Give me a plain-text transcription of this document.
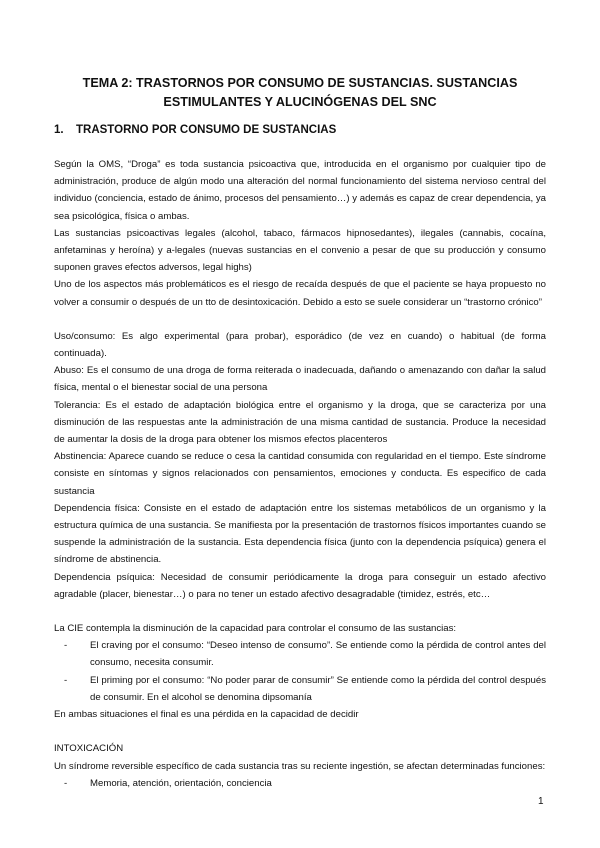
TEMA 2: TRASTORNOS POR CONSUMO DE SUSTANCIAS. SUSTANCIAS
ESTIMULANTES Y ALUCINÓGENAS DEL SNC
1. TRASTORNO POR CONSUMO DE SUSTANCIAS

Según la OMS, “Droga” es toda sustancia psicoactiva que, introducida en el organismo por cualquier tipo de administración, produce de algún modo una alteración del normal funcionamiento del sistema nervioso central del individuo (conciencia, estado de ánimo, procesos del pensamiento…) y además es capaz de crear dependencia, ya sea psicológica, física o ambas.

Las sustancias psicoactivas legales (alcohol, tabaco, fármacos hipnosedantes), ilegales (cannabis, cocaína, anfetaminas y heroína) y a-legales (nuevas sustancias en el convenio a pesar de que su producción y consumo suponen graves efectos adversos, legal highs)

Uno de los aspectos más problemáticos es el riesgo de recaída después de que el paciente se haya propuesto no volver a consumir o después de un tto de desintoxicación. Debido a esto se suele considerar un “trastorno crónico”

Uso/consumo: Es algo experimental (para probar), esporádico (de vez en cuando) o habitual (de forma continuada).

Abuso: Es el consumo de una droga de forma reiterada o inadecuada, dañando o amenazando con dañar la salud física, mental o el bienestar social de una persona

Tolerancia: Es el estado de adaptación biológica entre el organismo y la droga, que se caracteriza por una disminución de las respuestas ante la administración de una misma cantidad de sustancia. Produce la necesidad de aumentar la dosis de la droga para obtener los mismos efectos placenteros

Abstinencia: Aparece cuando se reduce o cesa la cantidad consumida con regularidad en el tiempo. Este síndrome consiste en síntomas y signos relacionados con pensamientos, emociones y conducta. Es especifico de cada sustancia

Dependencia física: Consiste en el estado de adaptación entre los sistemas metabólicos de un organismo y la estructura química de una sustancia. Se manifiesta por la presentación de trastornos físicos importantes cuando se suspende la administración de la sustancia. Esta dependencia física (junto con la dependencia psíquica) genera el síndrome de abstinencia.

Dependencia psíquica: Necesidad de consumir periódicamente la droga para conseguir un estado afectivo agradable (placer, bienestar…) o para no tener un estado afectivo desagradable (timidez, estrés, etc…

La CIE contempla la disminución de la capacidad para controlar el consumo de las sustancias:

- El craving por el consumo: “Deseo intenso de consumo”. Se entiende como la pérdida de control antes del consumo, necesita consumir.
- El priming por el consumo: “No poder parar de consumir” Se entiende como la pérdida del control después de consumir. En el alcohol se denomina dipsomanía

En ambas situaciones el final es una pérdida en la capacidad de decidir

INTOXICACIÓN

Un síndrome reversible específico de cada sustancia tras su reciente ingestión, se afectan determinadas funciones:

- Memoria, atención, orientación, conciencia
1
